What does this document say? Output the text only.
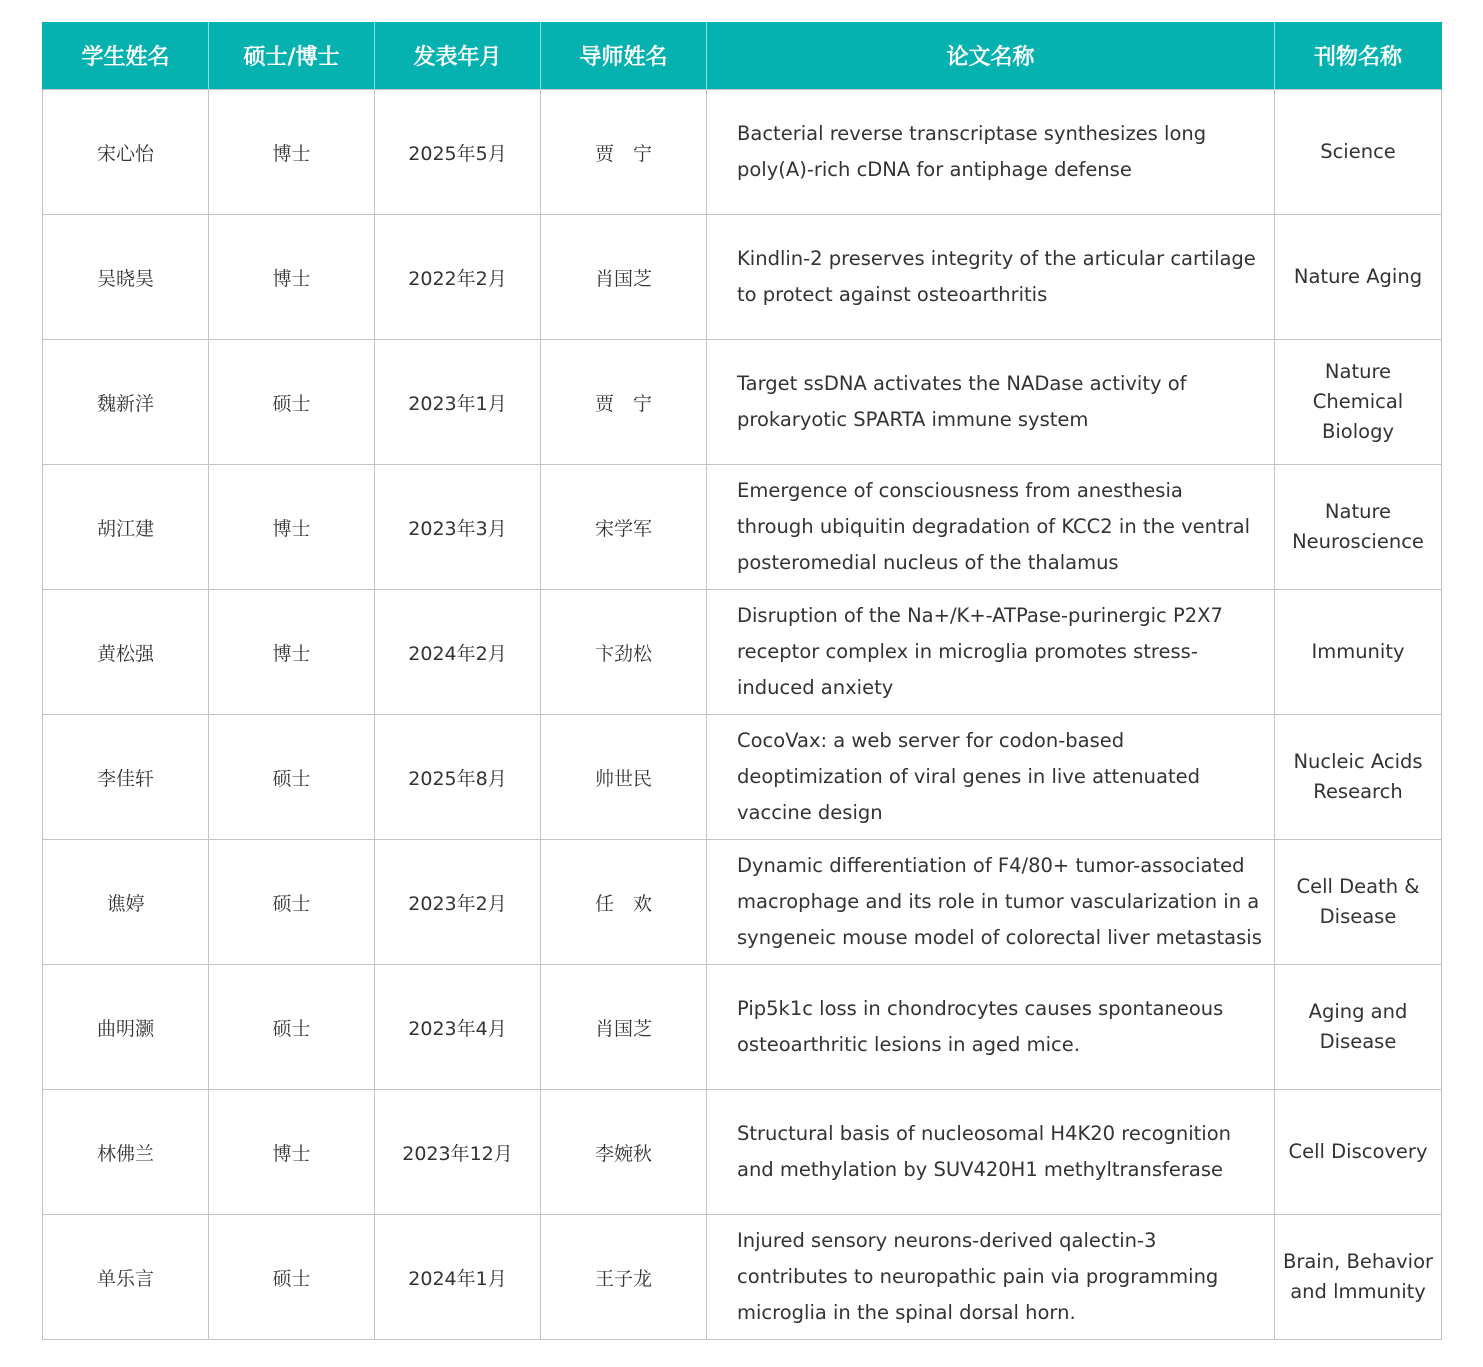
学生姓名	硕士/博士	发表年月	导师姓名	论文名称	刊物名称
宋心怡	博士	2025年5月	贾　宁	Bacterial reverse transcriptase synthesizes long poly(A)-rich cDNA for antiphage defense	Science
吴晓昊	博士	2022年2月	肖国芝	Kindlin-2 preserves integrity of the articular cartilage to protect against osteoarthritis	Nature Aging
魏新洋	硕士	2023年1月	贾　宁	Target ssDNA activates the NADase activity of prokaryotic SPARTA immune system	Nature Chemical Biology
胡江建	博士	2023年3月	宋学军	Emergence of consciousness from anesthesia through ubiquitin degradation of KCC2 in the ventral posteromedial nucleus of the thalamus	Nature Neuroscience
黄松强	博士	2024年2月	卞劲松	Disruption of the Na+/K+-ATPase-purinergic P2X7 receptor complex in microglia promotes stress-induced anxiety	Immunity
李佳轩	硕士	2025年8月	帅世民	CocoVax: a web server for codon-based deoptimization of viral genes in live attenuated vaccine design	Nucleic Acids Research
谯婷	硕士	2023年2月	任　欢	Dynamic differentiation of F4/80+ tumor-associated macrophage and its role in tumor vascularization in a syngeneic mouse model of colorectal liver metastasis	Cell Death & Disease
曲明灏	硕士	2023年4月	肖国芝	Pip5k1c loss in chondrocytes causes spontaneous osteoarthritic lesions in aged mice.	Aging and Disease
林佛兰	博士	2023年12月	李婉秋	Structural basis of nucleosomal H4K20 recognition and methylation by SUV420H1 methyltransferase	Cell Discovery
单乐言	硕士	2024年1月	王子龙	Injured sensory neurons-derived qalectin-3 contributes to neuropathic pain via programming microglia in the spinal dorsal horn.	Brain, Behavior and lmmunity
